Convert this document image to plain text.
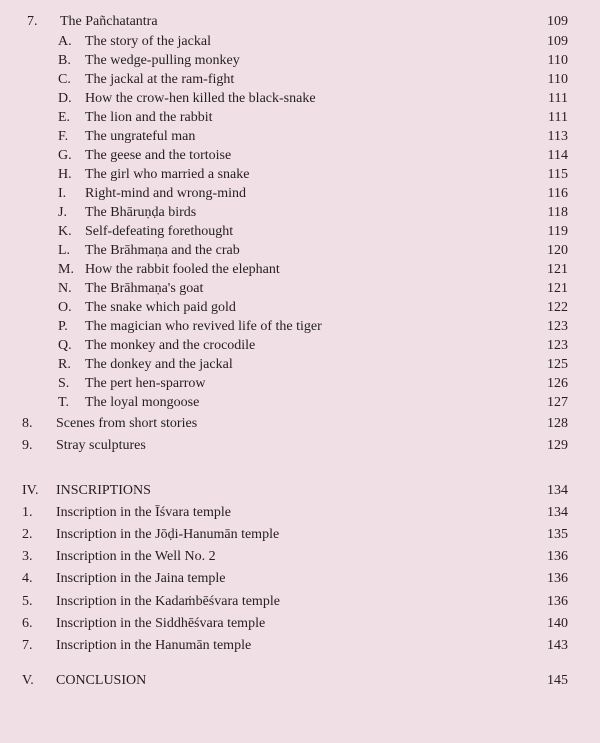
7. The Pañchatantra	109
A. The story of the jackal	109
B. The wedge-pulling monkey	110
C. The jackal at the ram-fight	110
D. How the crow-hen killed the black-snake	111
E. The lion and the rabbit	111
F. The ungrateful man	113
G. The geese and the tortoise	114
H. The girl who married a snake	115
I. Right-mind and wrong-mind	116
J. The Bhāruṇḍa birds	118
K. Self-defeating forethought	119
L. The Brāhmaṇa and the crab	120
M. How the rabbit fooled the elephant	121
N. The Brāhmaṇa's goat	121
O. The snake which paid gold	122
P. The magician who revived life of the tiger	123
Q. The monkey and the crocodile	123
R. The donkey and the jackal	125
S. The pert hen-sparrow	126
T. The loyal mongoose	127
8. Scenes from short stories	128
9. Stray sculptures	129
IV. INSCRIPTIONS	134
1. Inscription in the Īśvara temple	134
2. Inscription in the Jōḍi-Hanumān temple	135
3. Inscription in the Well No. 2	136
4. Inscription in the Jaina temple	136
5. Inscription in the Kadaṁbēśvara temple	136
6. Inscription in the Siddhēśvara temple	140
7. Inscription in the Hanumān temple	143
V. CONCLUSION	145
